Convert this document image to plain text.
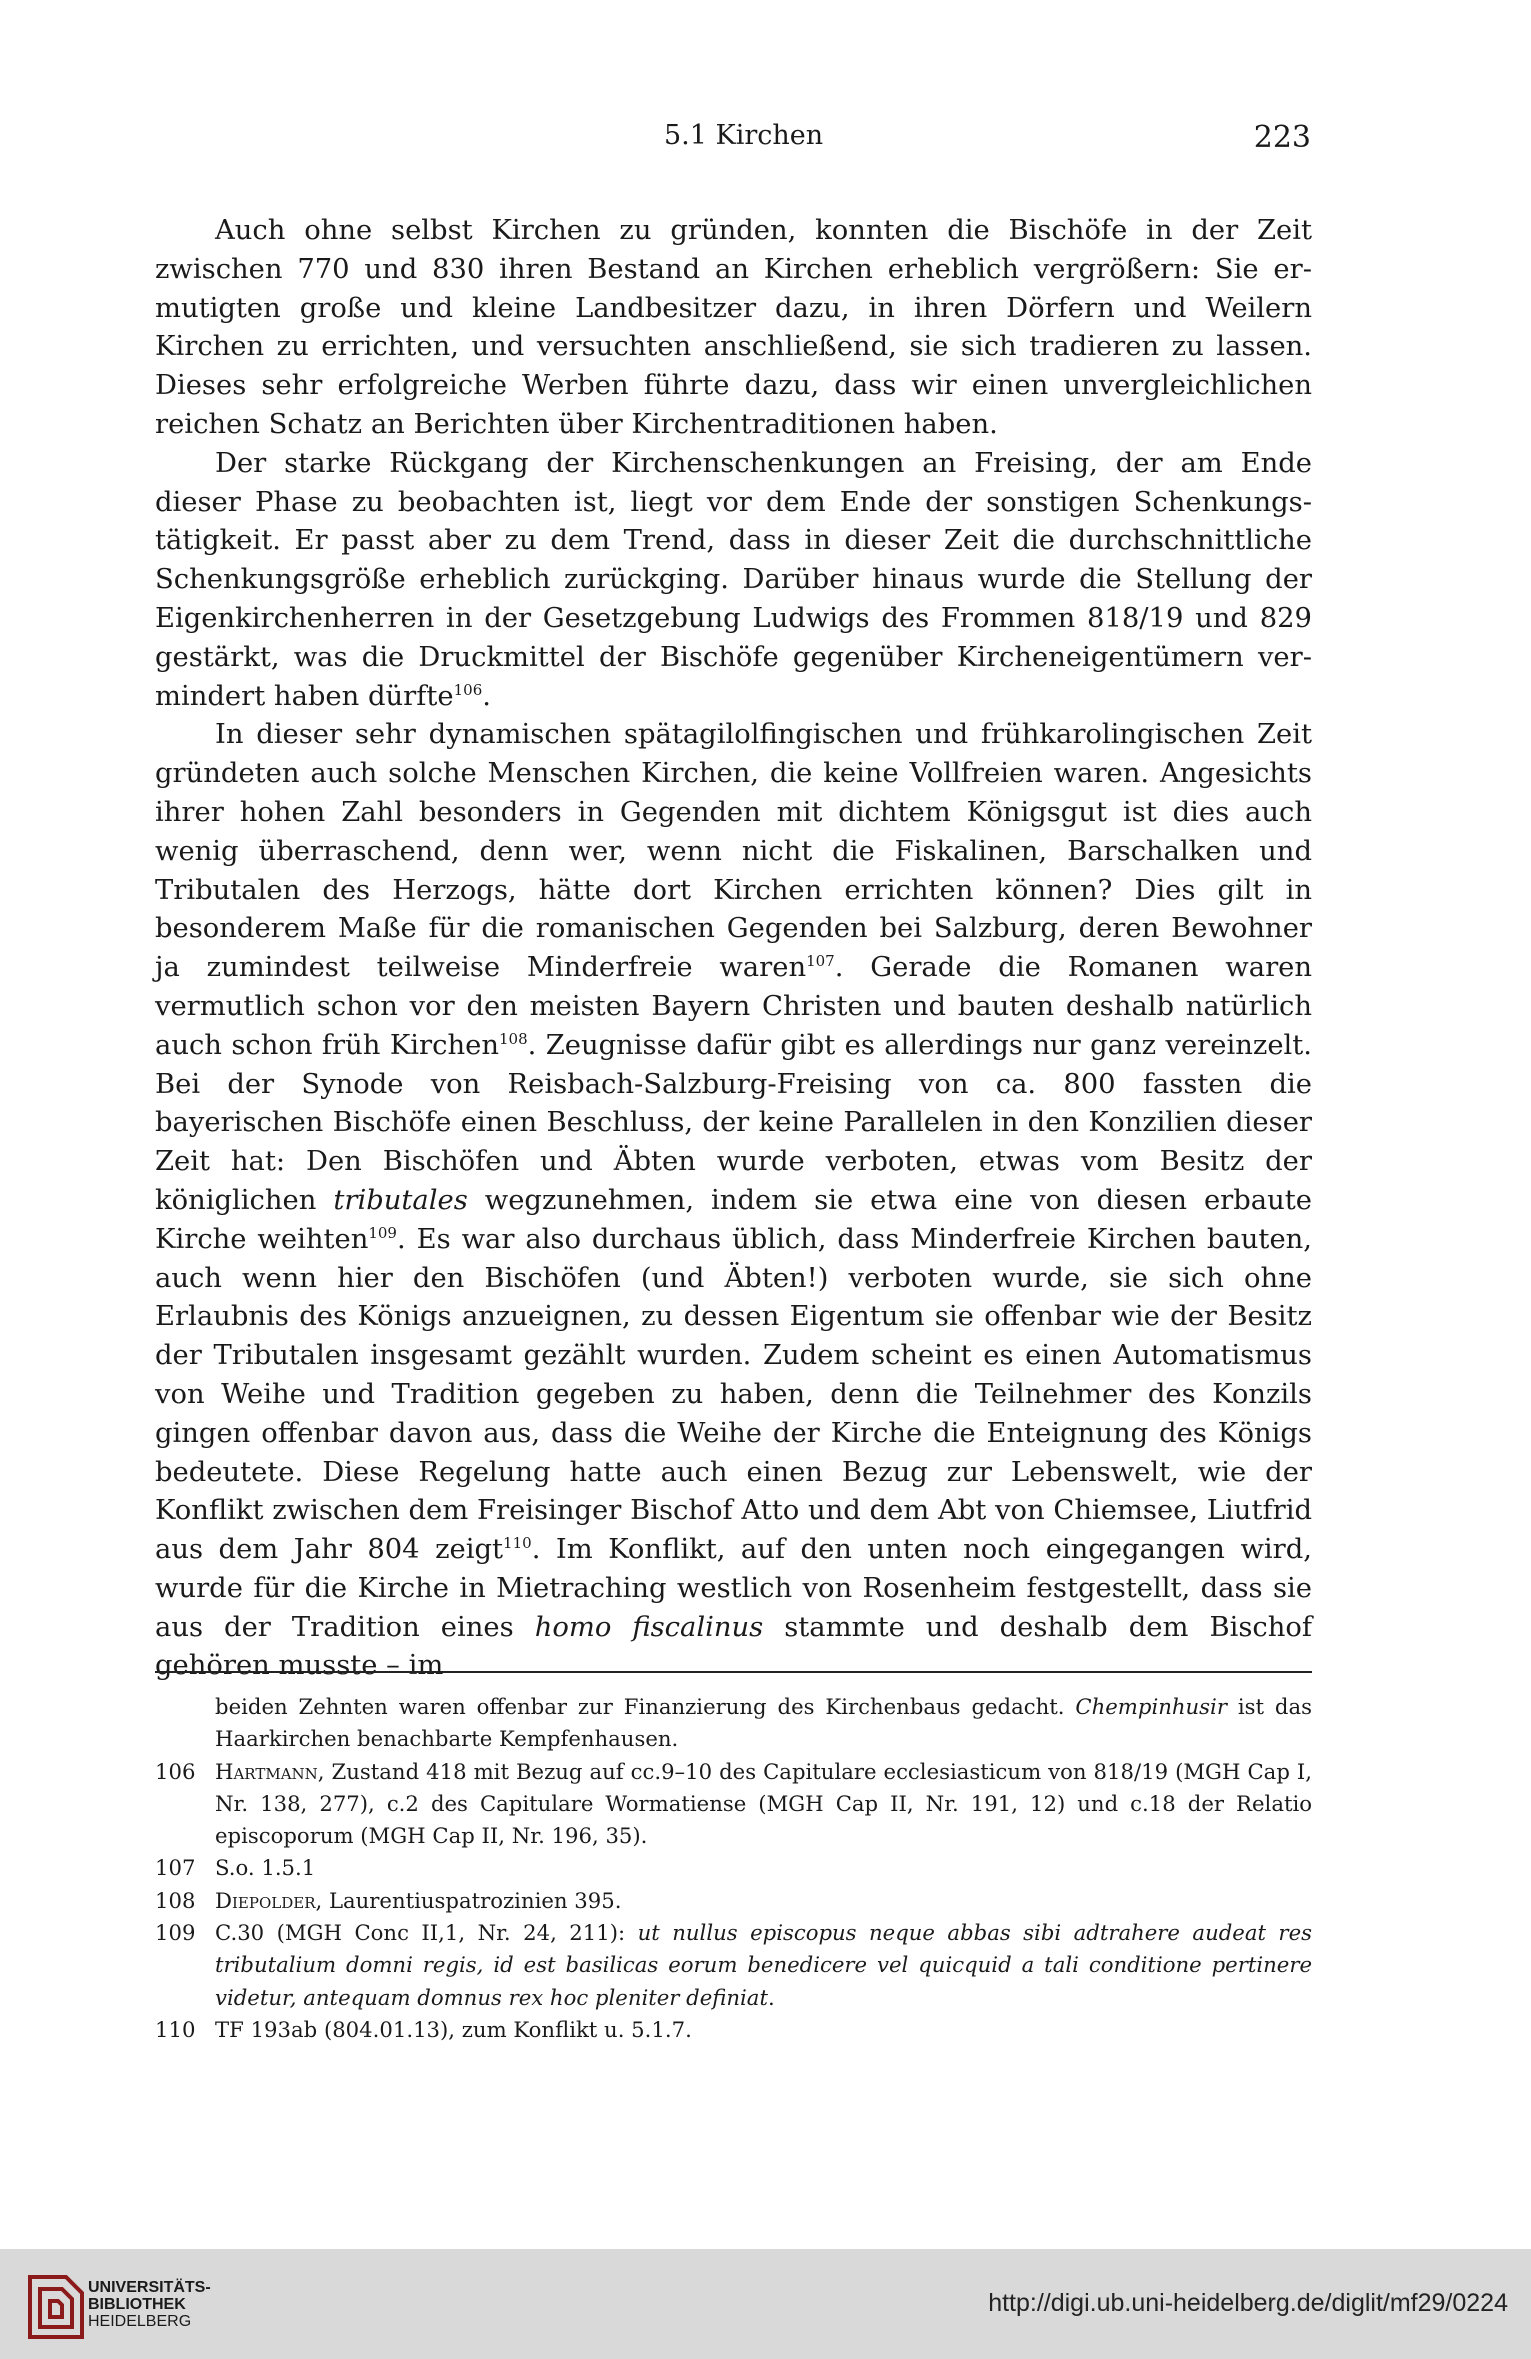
5.1 Kirchen	223

Auch ohne selbst Kirchen zu gründen, konnten die Bischöfe in der Zeit zwischen 770 und 830 ihren Bestand an Kirchen erheblich vergrößern: Sie ermutigten große und kleine Landbesitzer dazu, in ihren Dörfern und Weilern Kirchen zu errichten, und versuchten anschließend, sie sich tradieren zu lassen. Dieses sehr erfolgreiche Werben führte dazu, dass wir einen unvergleichlichen reichen Schatz an Berichten über Kirchentraditionen haben.

Der starke Rückgang der Kirchenschenkungen an Freising, der am Ende dieser Phase zu beobachten ist, liegt vor dem Ende der sonstigen Schenkungstätigkeit. Er passt aber zu dem Trend, dass in dieser Zeit die durchschnittliche Schenkungsgröße erheblich zurückging. Darüber hinaus wurde die Stellung der Eigenkirchenherren in der Gesetzgebung Ludwigs des Frommen 818/19 und 829 gestärkt, was die Druckmittel der Bischöfe gegenüber Kircheneigentümern vermindert haben dürfte$^{106}$.

In dieser sehr dynamischen spätagilolfingischen und frühkarolingischen Zeit gründeten auch solche Menschen Kirchen, die keine Vollfreien waren. Angesichts ihrer hohen Zahl besonders in Gegenden mit dichtem Königsgut ist dies auch wenig überraschend, denn wer, wenn nicht die Fiskalinen, Barschalken und Tributalen des Herzogs, hätte dort Kirchen errichten können? Dies gilt in besonderem Maße für die romanischen Gegenden bei Salzburg, deren Bewohner ja zumindest teilweise Minderfreie waren$^{107}$. Gerade die Romanen waren vermutlich schon vor den meisten Bayern Christen und bauten deshalb natürlich auch schon früh Kirchen$^{108}$. Zeugnisse dafür gibt es allerdings nur ganz vereinzelt. Bei der Synode von Reisbach-Salzburg-Freising von ca. 800 fassten die bayerischen Bischöfe einen Beschluss, der keine Parallelen in den Konzilien dieser Zeit hat: Den Bischöfen und Äbten wurde verboten, etwas vom Besitz der königlichen tributales wegzunehmen, indem sie etwa eine von diesen erbaute Kirche weihten$^{109}$. Es war also durchaus üblich, dass Minderfreie Kirchen bauten, auch wenn hier den Bischöfen (und Äbten!) verboten wurde, sie sich ohne Erlaubnis des Königs anzueignen, zu dessen Eigentum sie offenbar wie der Besitz der Tributalen insgesamt gezählt wurden. Zudem scheint es einen Automatismus von Weihe und Tradition gegeben zu haben, denn die Teilnehmer des Konzils gingen offenbar davon aus, dass die Weihe der Kirche die Enteignung des Königs bedeutete. Diese Regelung hatte auch einen Bezug zur Lebenswelt, wie der Konflikt zwischen dem Freisinger Bischof Atto und dem Abt von Chiemsee, Liutfrid aus dem Jahr 804 zeigt$^{110}$. Im Konflikt, auf den unten noch eingegangen wird, wurde für die Kirche in Mietraching westlich von Rosenheim festgestellt, dass sie aus der Tradition eines homo fiscalinus stammte und deshalb dem Bischof gehören musste – im

beiden Zehnten waren offenbar zur Finanzierung des Kirchenbaus gedacht. Chempinhusir ist das Haarkirchen benachbarte Kempfenhausen.

106 Hartmann, Zustand 418 mit Bezug auf cc.9–10 des Capitulare ecclesiasticum von 818/19 (MGH Cap I, Nr. 138, 277), c.2 des Capitulare Wormatiense (MGH Cap II, Nr. 191, 12) und c.18 der Relatio episcoporum (MGH Cap II, Nr. 196, 35).

107 S.o. 1.5.1

108 Diepolder, Laurentiuspatrozinien 395.

109 C.30 (MGH Conc II,1, Nr. 24, 211): ut nullus episcopus neque abbas sibi adtrahere audeat res tributalium domni regis, id est basilicas eorum benedicere vel quicquid a tali conditione pertinere videtur, antequam domnus rex hoc pleniter definiat.

110 TF 193ab (804.01.13), zum Konflikt u. 5.1.7.

UNIVERSITÄTS-
BIBLIOTHEK
HEIDELBERG
http://digi.ub.uni-heidelberg.de/diglit/mf29/0224
